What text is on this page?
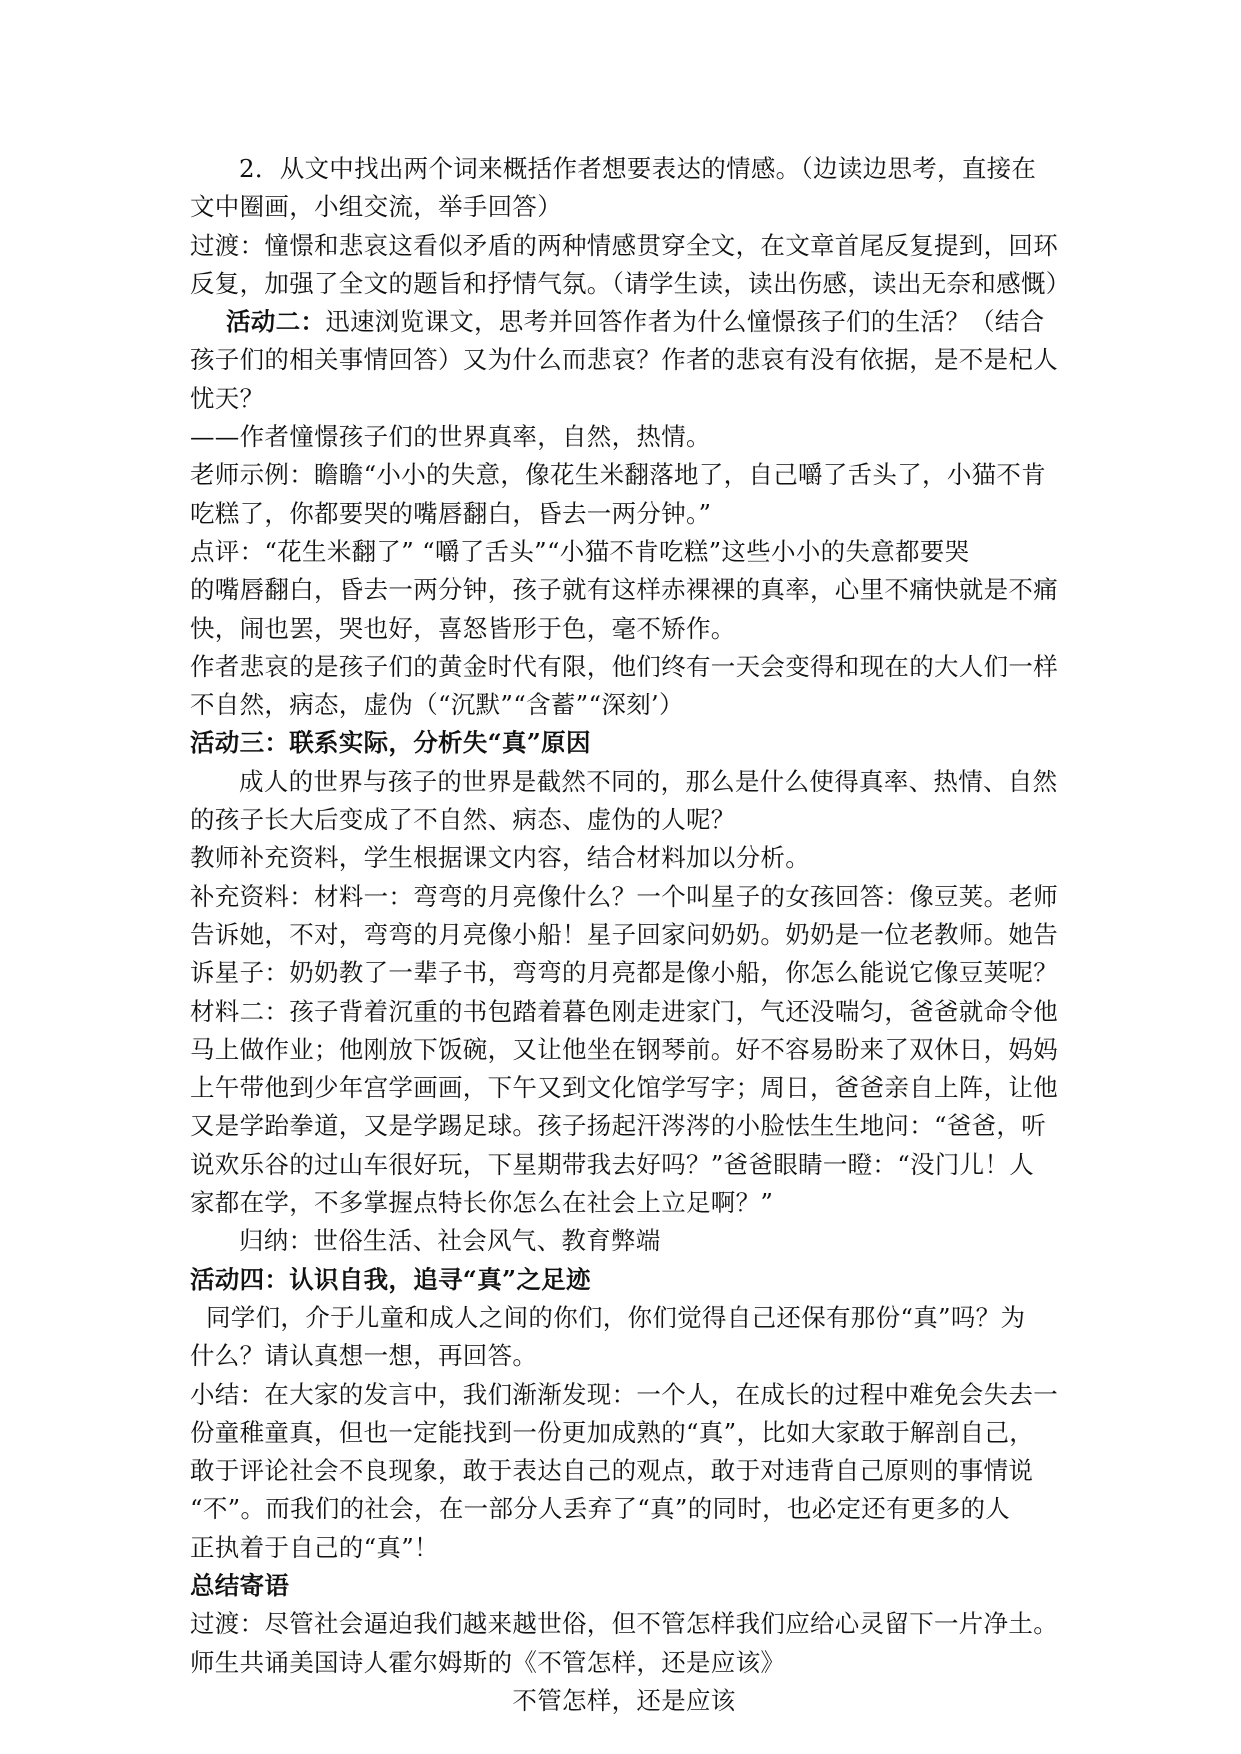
2．从文中找出两个词来概括作者想要表达的情感。（边读边思考，直接在
文中圈画，小组交流，举手回答）
过渡：憧憬和悲哀这看似矛盾的两种情感贯穿全文，在文章首尾反复提到，回环
反复，加强了全文的题旨和抒情气氛。（请学生读，读出伤感，读出无奈和感慨）
活动二：迅速浏览课文，思考并回答作者为什么憧憬孩子们的生活？（结合
孩子们的相关事情回答）又为什么而悲哀？作者的悲哀有没有依据，是不是杞人
忧天？
——作者憧憬孩子们的世界真率，自然，热情。
老师示例：瞻瞻“小小的失意，像花生米翻落地了，自己嚼了舌头了，小猫不肯
吃糕了，你都要哭的嘴唇翻白，昏去一两分钟。”
点评：“花生米翻了” “嚼了舌头”“小猫不肯吃糕”这些小小的失意都要哭
的嘴唇翻白，昏去一两分钟，孩子就有这样赤裸裸的真率，心里不痛快就是不痛
快，闹也罢，哭也好，喜怒皆形于色，毫不矫作。
作者悲哀的是孩子们的黄金时代有限，他们终有一天会变得和现在的大人们一样
不自然，病态，虚伪（“沉默”“含蓄”“深刻’）
活动三：联系实际，分析失“真”原因
成人的世界与孩子的世界是截然不同的，那么是什么使得真率、热情、自然
的孩子长大后变成了不自然、病态、虚伪的人呢？
教师补充资料，学生根据课文内容，结合材料加以分析。
补充资料：材料一：弯弯的月亮像什么？一个叫星子的女孩回答：像豆荚。老师
告诉她，不对，弯弯的月亮像小船！星子回家问奶奶。奶奶是一位老教师。她告
诉星子：奶奶教了一辈子书，弯弯的月亮都是像小船，你怎么能说它像豆荚呢？
材料二：孩子背着沉重的书包踏着暮色刚走进家门，气还没喘匀，爸爸就命令他
马上做作业；他刚放下饭碗，又让他坐在钢琴前。好不容易盼来了双休日，妈妈
上午带他到少年宫学画画，下午又到文化馆学写字；周日，爸爸亲自上阵，让他
又是学跆拳道，又是学踢足球。孩子扬起汗涔涔的小脸怯生生地问：“爸爸，听
说欢乐谷的过山车很好玩，下星期带我去好吗？”爸爸眼睛一瞪：“没门儿！人
家都在学，不多掌握点特长你怎么在社会上立足啊？”
归纳：世俗生活、社会风气、教育弊端
活动四：认识自我，追寻“真”之足迹
同学们，介于儿童和成人之间的你们，你们觉得自己还保有那份“真”吗？为
什么？请认真想一想，再回答。
小结：在大家的发言中，我们渐渐发现：一个人，在成长的过程中难免会失去一
份童稚童真，但也一定能找到一份更加成熟的“真”，比如大家敢于解剖自己，
敢于评论社会不良现象，敢于表达自己的观点，敢于对违背自己原则的事情说
“不”。而我们的社会，在一部分人丢弃了“真”的同时，也必定还有更多的人
正执着于自己的“真”！
总结寄语
过渡：尽管社会逼迫我们越来越世俗，但不管怎样我们应给心灵留下一片净土。
师生共诵美国诗人霍尔姆斯的《不管怎样，还是应该》
不管怎样，还是应该
